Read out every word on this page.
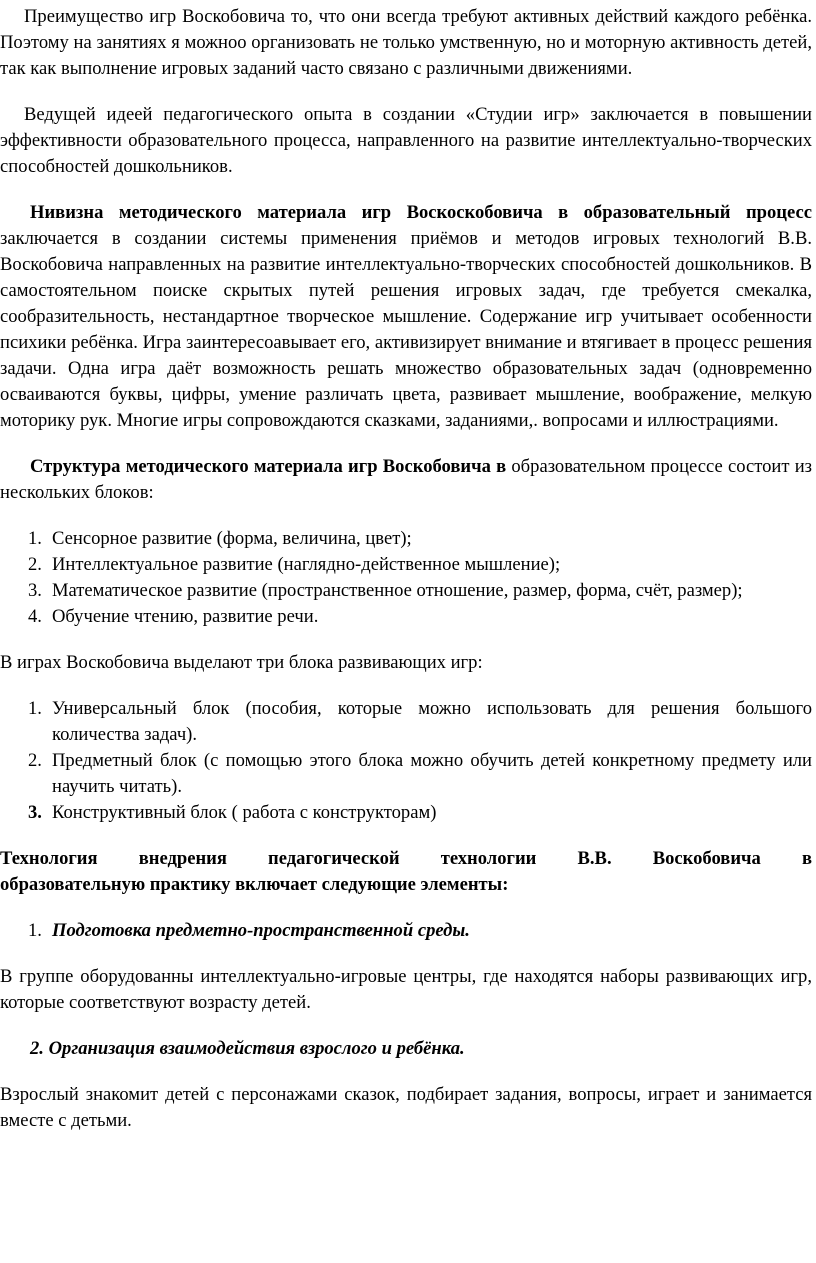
Преимущество игр Воскобовича то, что они всегда требуют активных действий каждого ребёнка. Поэтому на занятиях я можноо организовать не только умственную, но и моторную активность детей, так как выполнение игровых заданий часто связано с различными движениями.

Ведущей идеей педагогического опыта в создании «Студии игр» заключается в повышении эффективности образовательного процесса, направленного на развитие интеллектуально-творческих способностей дошкольников.

Нивизна методического материала игр Воскоскобовича в образовательный процесс заключается в создании системы применения приёмов и методов игровых технологий В.В. Воскобовича направленных на развитие интеллектуально-творческих способностей дошкольников. В самостоятельном поиске скрытых путей решения игровых задач, где требуется смекалка, сообразительность, нестандартное творческое мышление. Содержание игр учитывает особенности психики ребёнка. Игра заинтересоавывает его, активизирует внимание и втягивает в процесс решения задачи. Одна игра даёт возможность решать множество образовательных задач (одновременно осваиваются буквы, цифры, умение различать цвета, развивает мышление, воображение, мелкую моторику рук. Многие игры сопровождаются сказками, заданиями,. вопросами и иллюстрациями.

Структура методического материала игр Воскобовича в образовательном процессе состоит из нескольких блоков:

1. Сенсорное развитие (форма, величина, цвет);
2. Интеллектуальное развитие (наглядно-действенное мышление);
3. Математическое развитие (пространственное отношение, размер, форма, счёт, размер);
4. Обучение чтению, развитие речи.

В играх Воскобовича выделают три блока развивающих игр:

1. Универсальный блок (пособия, которые можно использовать для решения большого количества задач).
2. Предметный блок (с помощью этого блока можно обучить детей конкретному предмету или научить читать).
3. Конструктивный блок ( работа с конструкторам)

Технология внедрения педагогической технологии В.В. Воскобовича в

образовательную практику включает следующие элементы:

1. Подготовка предметно-пространственной среды.

В группе оборудованны интеллектуально-игровые центры, где находятся наборы развивающих игр, которые соответствуют возрасту детей.

2. Организация взаимодействия взрослого и ребёнка.

Взрослый знакомит детей с персонажами сказок, подбирает задания, вопросы, играет и занимается вместе с детьми.
